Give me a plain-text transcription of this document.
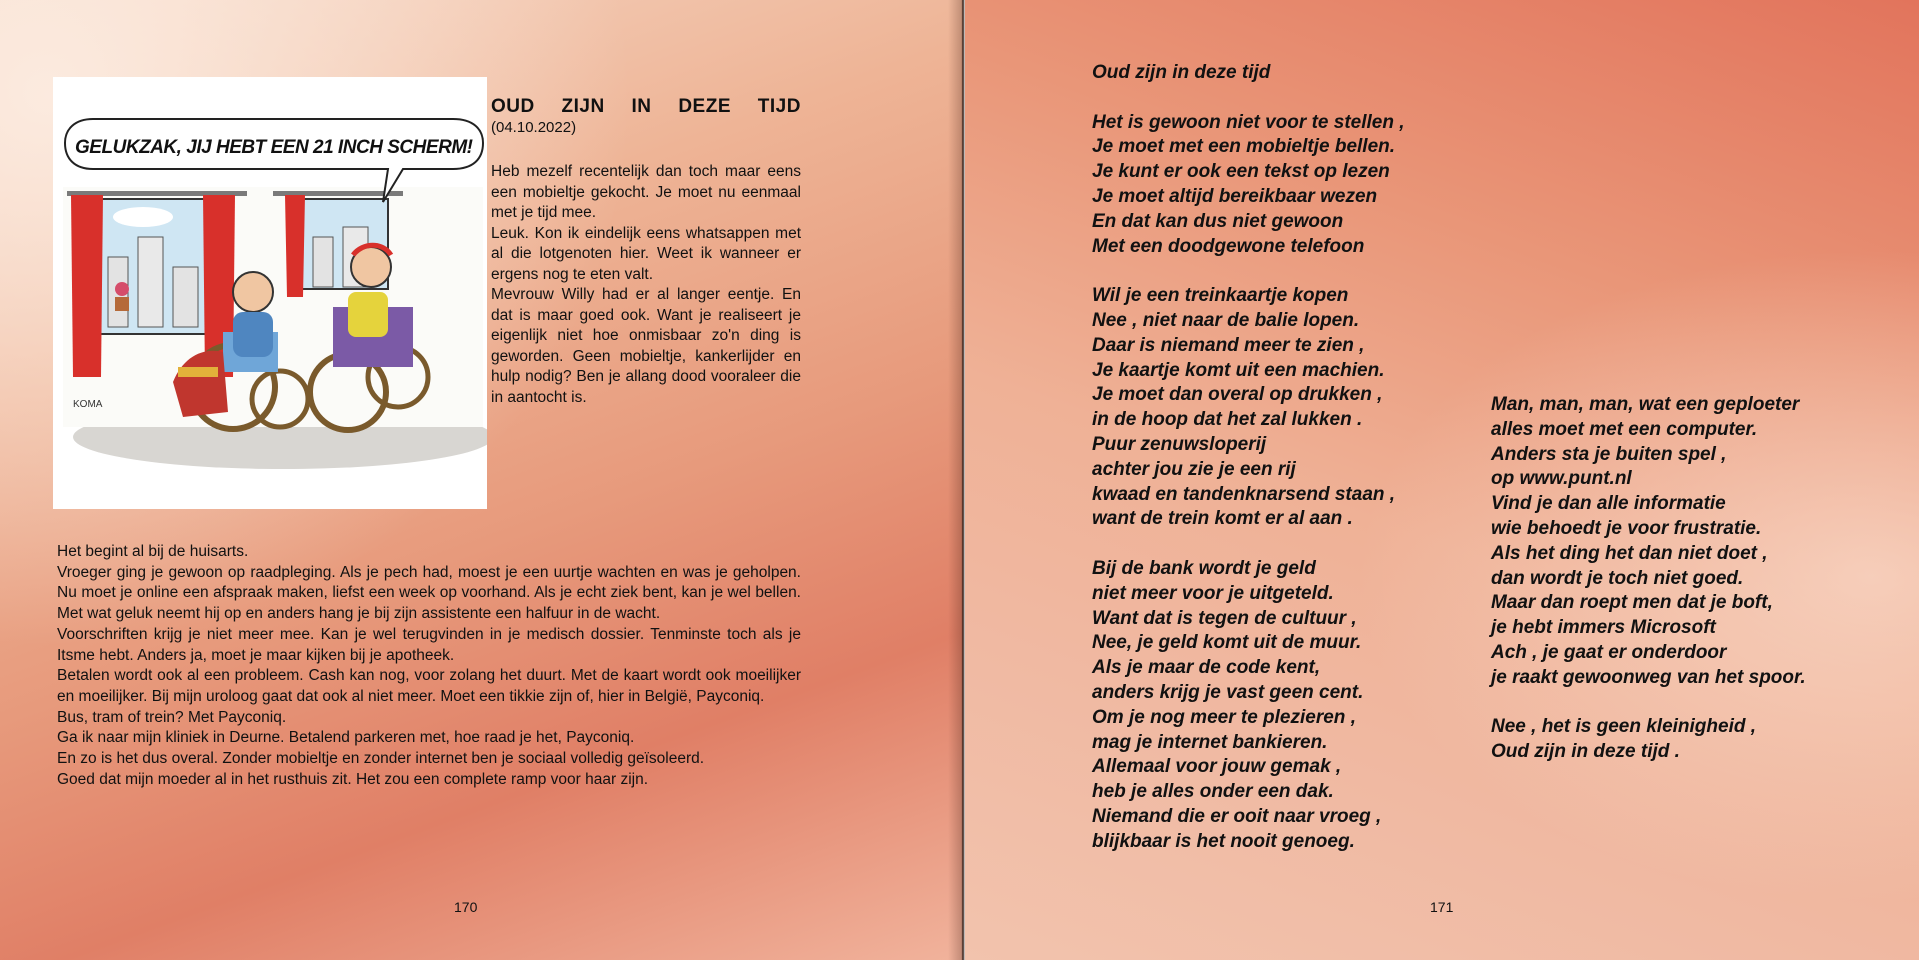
GELUKZAK, JIJ HEBT EEN 21 INCH SCHERM!
KOMA
OUD ZIJN IN DEZE TIJD
(04.10.2022)

Heb mezelf recentelijk dan toch maar eens een mobieltje gekocht. Je moet nu eenmaal met je tijd mee.

Leuk. Kon ik eindelijk eens whatsappen met al die lotgenoten hier. Weet ik wanneer er ergens nog te eten valt.

Mevrouw Willy had er al langer eentje. En dat is maar goed ook. Want je realiseert je eigenlijk niet hoe onmisbaar zo'n ding is geworden. Geen mobieltje, kankerlijder en hulp nodig? Ben je allang dood vooraleer die in aantocht is.

Het begint al bij de huisarts.

Vroeger ging je gewoon op raadpleging. Als je pech had, moest je een uurtje wachten en was je geholpen. Nu moet je online een afspraak maken, liefst een week op voorhand. Als je echt ziek bent, kan je wel bellen. Met wat geluk neemt hij op en anders hang je bij zijn assistente een halfuur in de wacht.

Voorschriften krijg je niet meer mee. Kan je wel terugvinden in je medisch dossier. Tenminste toch als je Itsme hebt. Anders ja, moet je maar kijken bij je apotheek.

Betalen wordt ook al een probleem. Cash kan nog, voor zolang het duurt. Met de kaart wordt ook moeilijker en moeilijker. Bij mijn uroloog gaat dat ook al niet meer. Moet een tikkie zijn of, hier in België, Payconiq.

Bus, tram of trein? Met Payconiq.

Ga ik naar mijn kliniek in Deurne. Betalend parkeren met, hoe raad je het, Payconiq.

En zo is het dus overal. Zonder mobieltje en zonder internet ben je sociaal volledig geïsoleerd.

Goed dat mijn moeder al in het rusthuis zit. Het zou een complete ramp voor haar zijn.

170
Oud zijn in deze tijd
Het is gewoon niet voor te stellen ,
Je moet met een mobieltje bellen.
Je kunt er ook een tekst op lezen
Je moet altijd bereikbaar wezen
En dat kan dus niet gewoon
Met een doodgewone telefoon
Wil je een treinkaartje kopen
Nee , niet naar de balie lopen.
Daar is niemand meer te zien ,
Je kaartje komt uit een machien.
Je moet dan overal op drukken ,
in de hoop dat het zal lukken .
Puur zenuwsloperij
achter jou zie je een rij
kwaad en tandenknarsend staan ,
want de trein komt er al aan .
Bij de bank wordt je geld
niet meer voor je uitgeteld.
Want dat is tegen de cultuur ,
Nee, je geld komt uit de muur.
Als je maar de code kent,
anders krijg je vast geen cent.
Om je nog meer te plezieren ,
mag je internet bankieren.
Allemaal voor jouw gemak ,
heb je alles onder een dak.
Niemand die er ooit naar vroeg ,
blijkbaar is het nooit genoeg.
Man, man, man, wat een geploeter
alles moet met een computer.
Anders sta je buiten spel ,
op www.punt.nl
Vind je dan alle informatie
wie behoedt je voor frustratie.
Als het ding het dan niet doet ,
dan wordt je toch niet goed.
Maar dan roept men dat je boft,
je hebt immers Microsoft
Ach , je gaat er onderdoor
je raakt gewoonweg van het spoor.
Nee , het is geen kleinigheid ,
Oud zijn in deze tijd .
171
